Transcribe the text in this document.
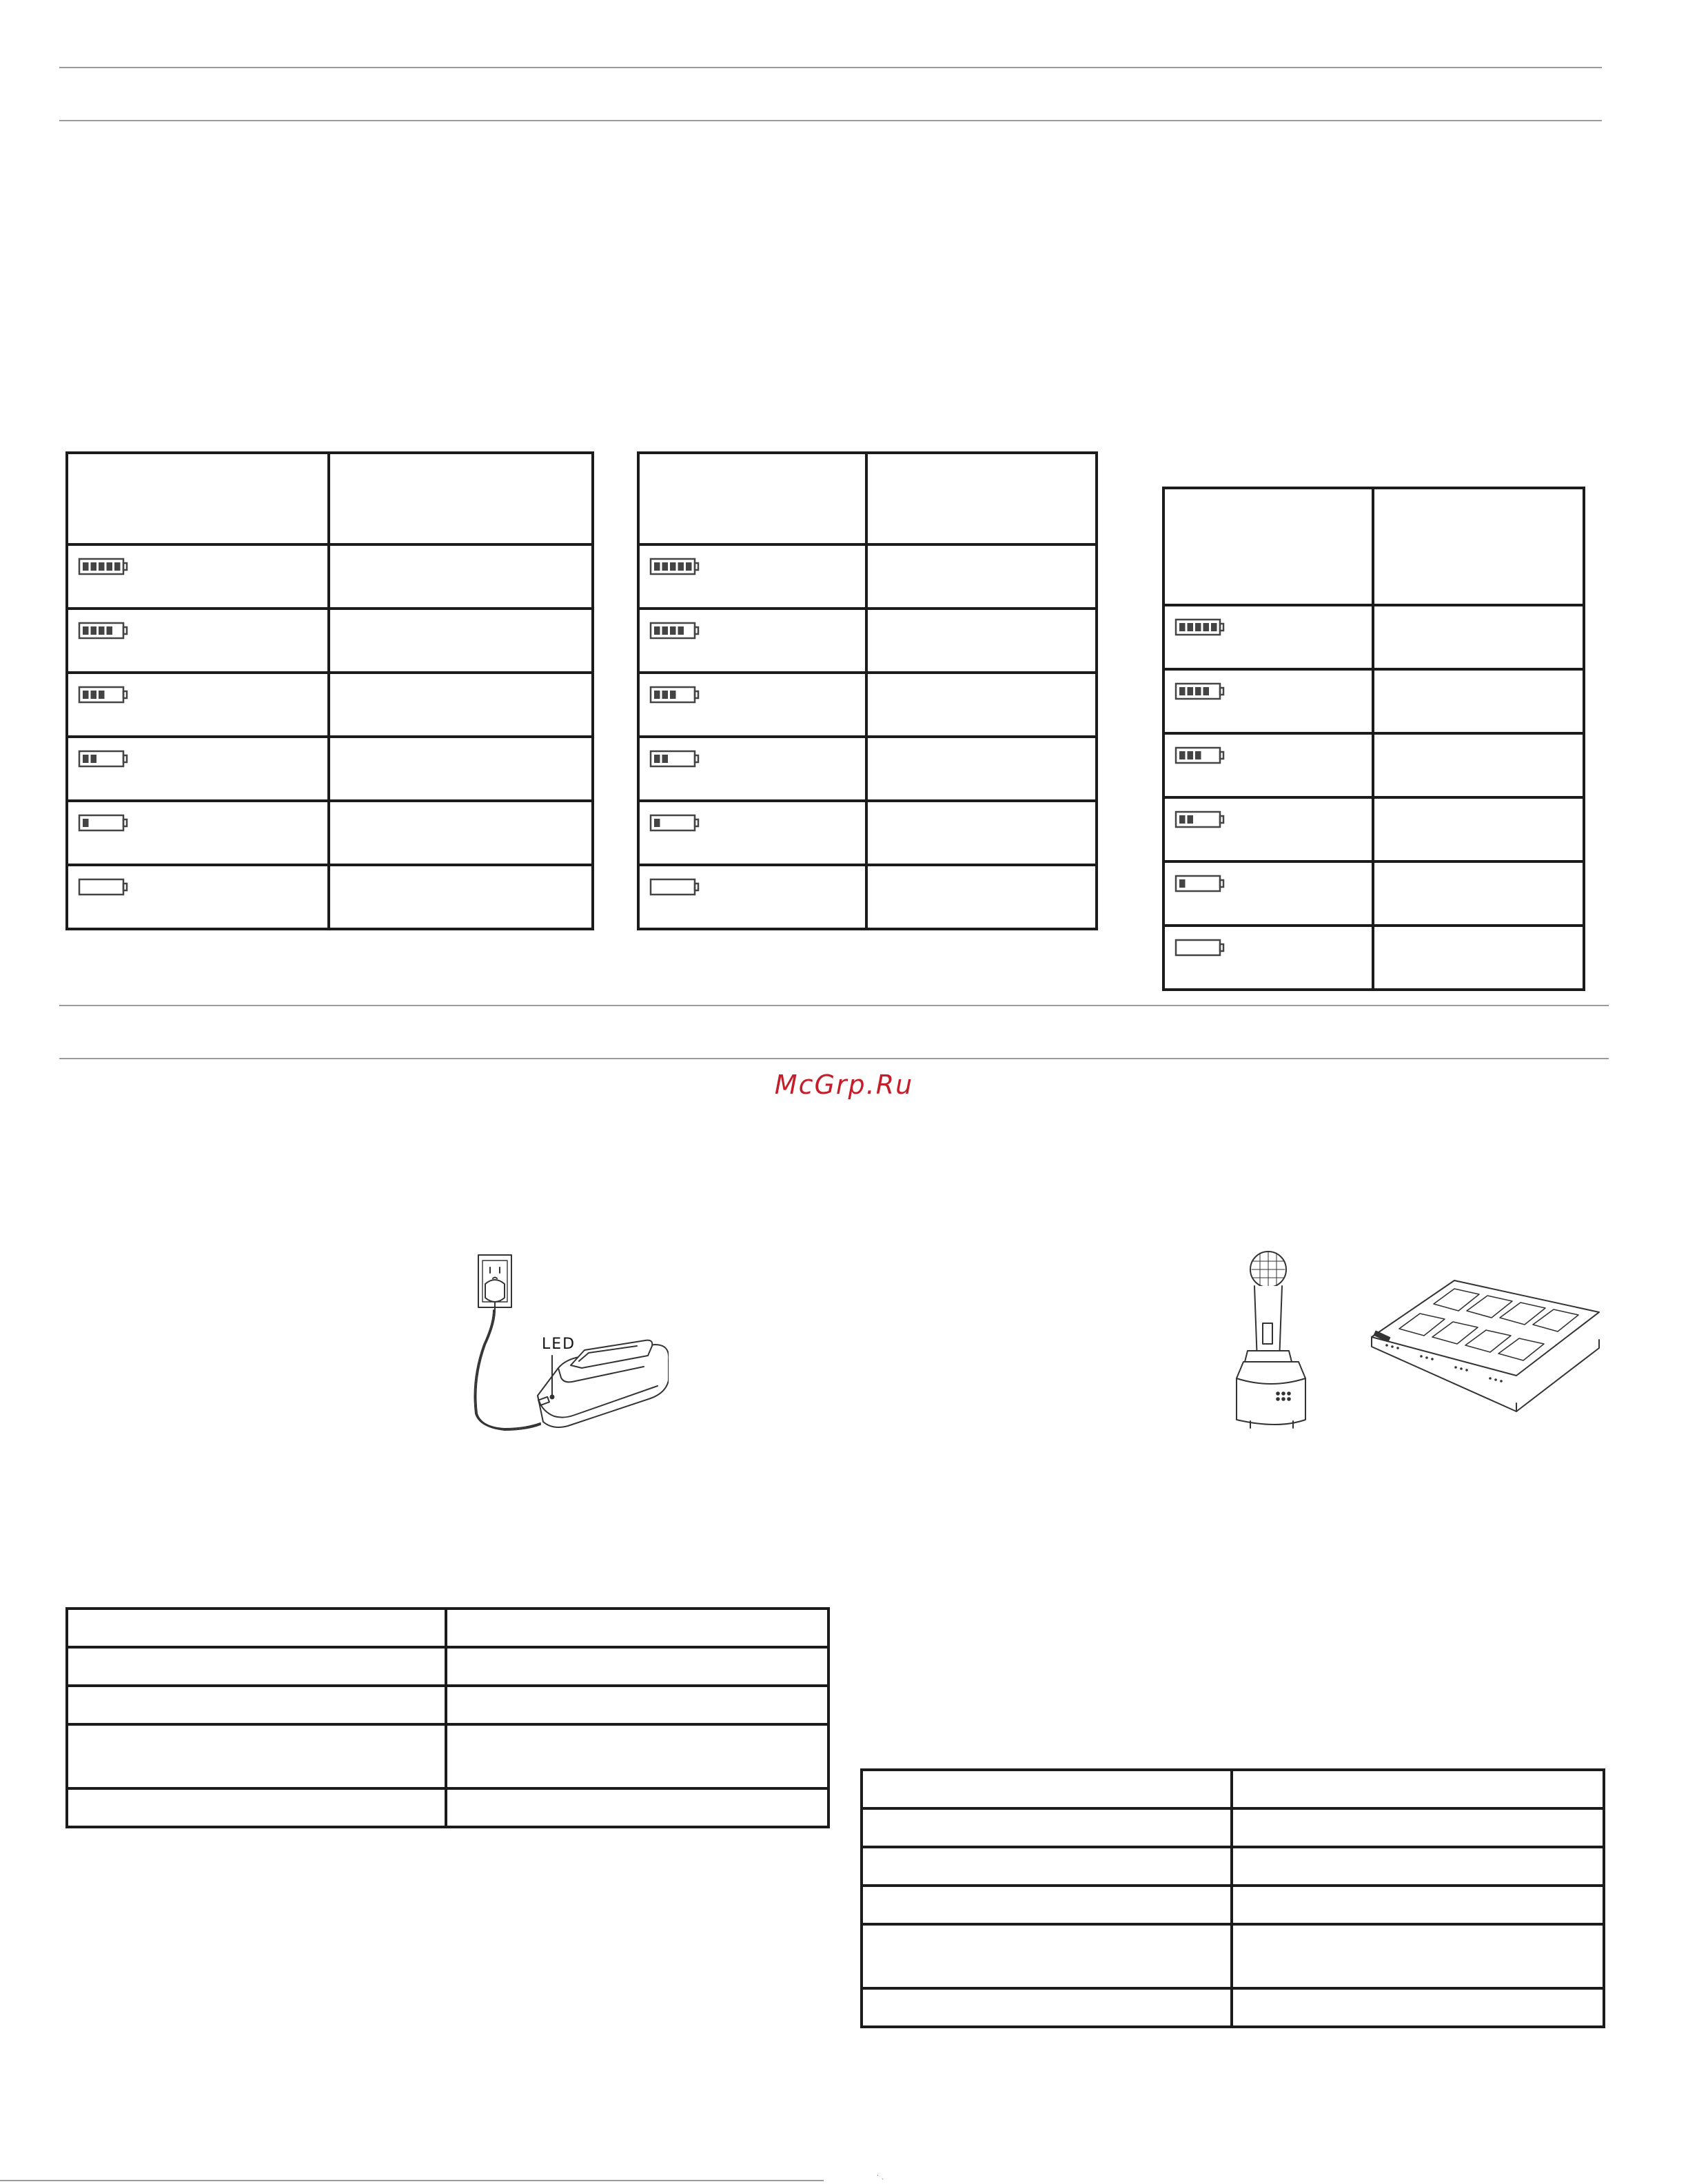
McGrp.Ru
LED

· ˎ
